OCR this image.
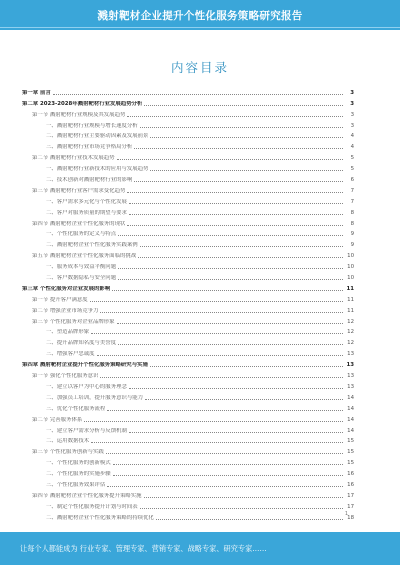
溅射靶材企业提升个性化服务策略研究报告
内容目录
第一章 前言	3
第二章 2023-2028年溅射靶材行业发展趋势分析	3
第一节 溅射靶材行业规模及其发展趋势	3
一、溅射靶材行业规模与增长速度分析	3
二、溅射靶材行业主要驱动因素及发展前景	4
三、溅射靶材行业市场竞争格局分析	4
第二节 溅射靶材行业技术发展趋势	5
一、溅射靶材行业新技术的应用与发展趋势	5
二、技术创新对溅射靶材行业的影响	6
第三节 溅射靶材行业客户需求变化趋势	7
一、客户需求多元化与个性化发展	7
二、客户对服务质量的期望与要求	8
第四节 溅射靶材企业个性化服务的现状	8
一、个性化服务的定义与特点	9
二、溅射靶材企业个性化服务实践案例	9
第五节 溅射靶材企业个性化服务面临的挑战	10
一、服务成本与效益平衡问题	10
二、客户数据隐私与安全问题	10
第三章 个性化服务对企业发展的影响	11
第一节 提升客户满意度	11
第二节 增强企业市场竞争力	11
第三节 个性化服务对企业品牌形象	12
一、塑造品牌形象	12
二、提升品牌知名度与美誉度	12
三、增强客户忠诚度	13
第四章 溅射靶材企业提升个性化服务策略研究与实施	13
第一节 强化个性化服务意识	13
一、建立以客户为中心的服务理念	13
二、加强员工培训，提升服务意识与能力	14
三、优化个性化服务流程	14
第二节 完善服务体系	14
一、建立客户需求分析与反馈机制	14
二、运用数据技术	15
第三节 个性化服务创新与实践	15
一、个性化服务的创新模式	15
二、个性化服务的实施步骤	16
三、个性化服务效果评估	16
第四节 溅射靶材企业个性化服务提升策略实施	17
一、制定个性化服务提升计划与时间表	17
二、溅射靶材企业个性化服务策略的持续优化	18
1
让每个人都能成为 行业专家、管理专家、营销专家、战略专家、研究专家……
